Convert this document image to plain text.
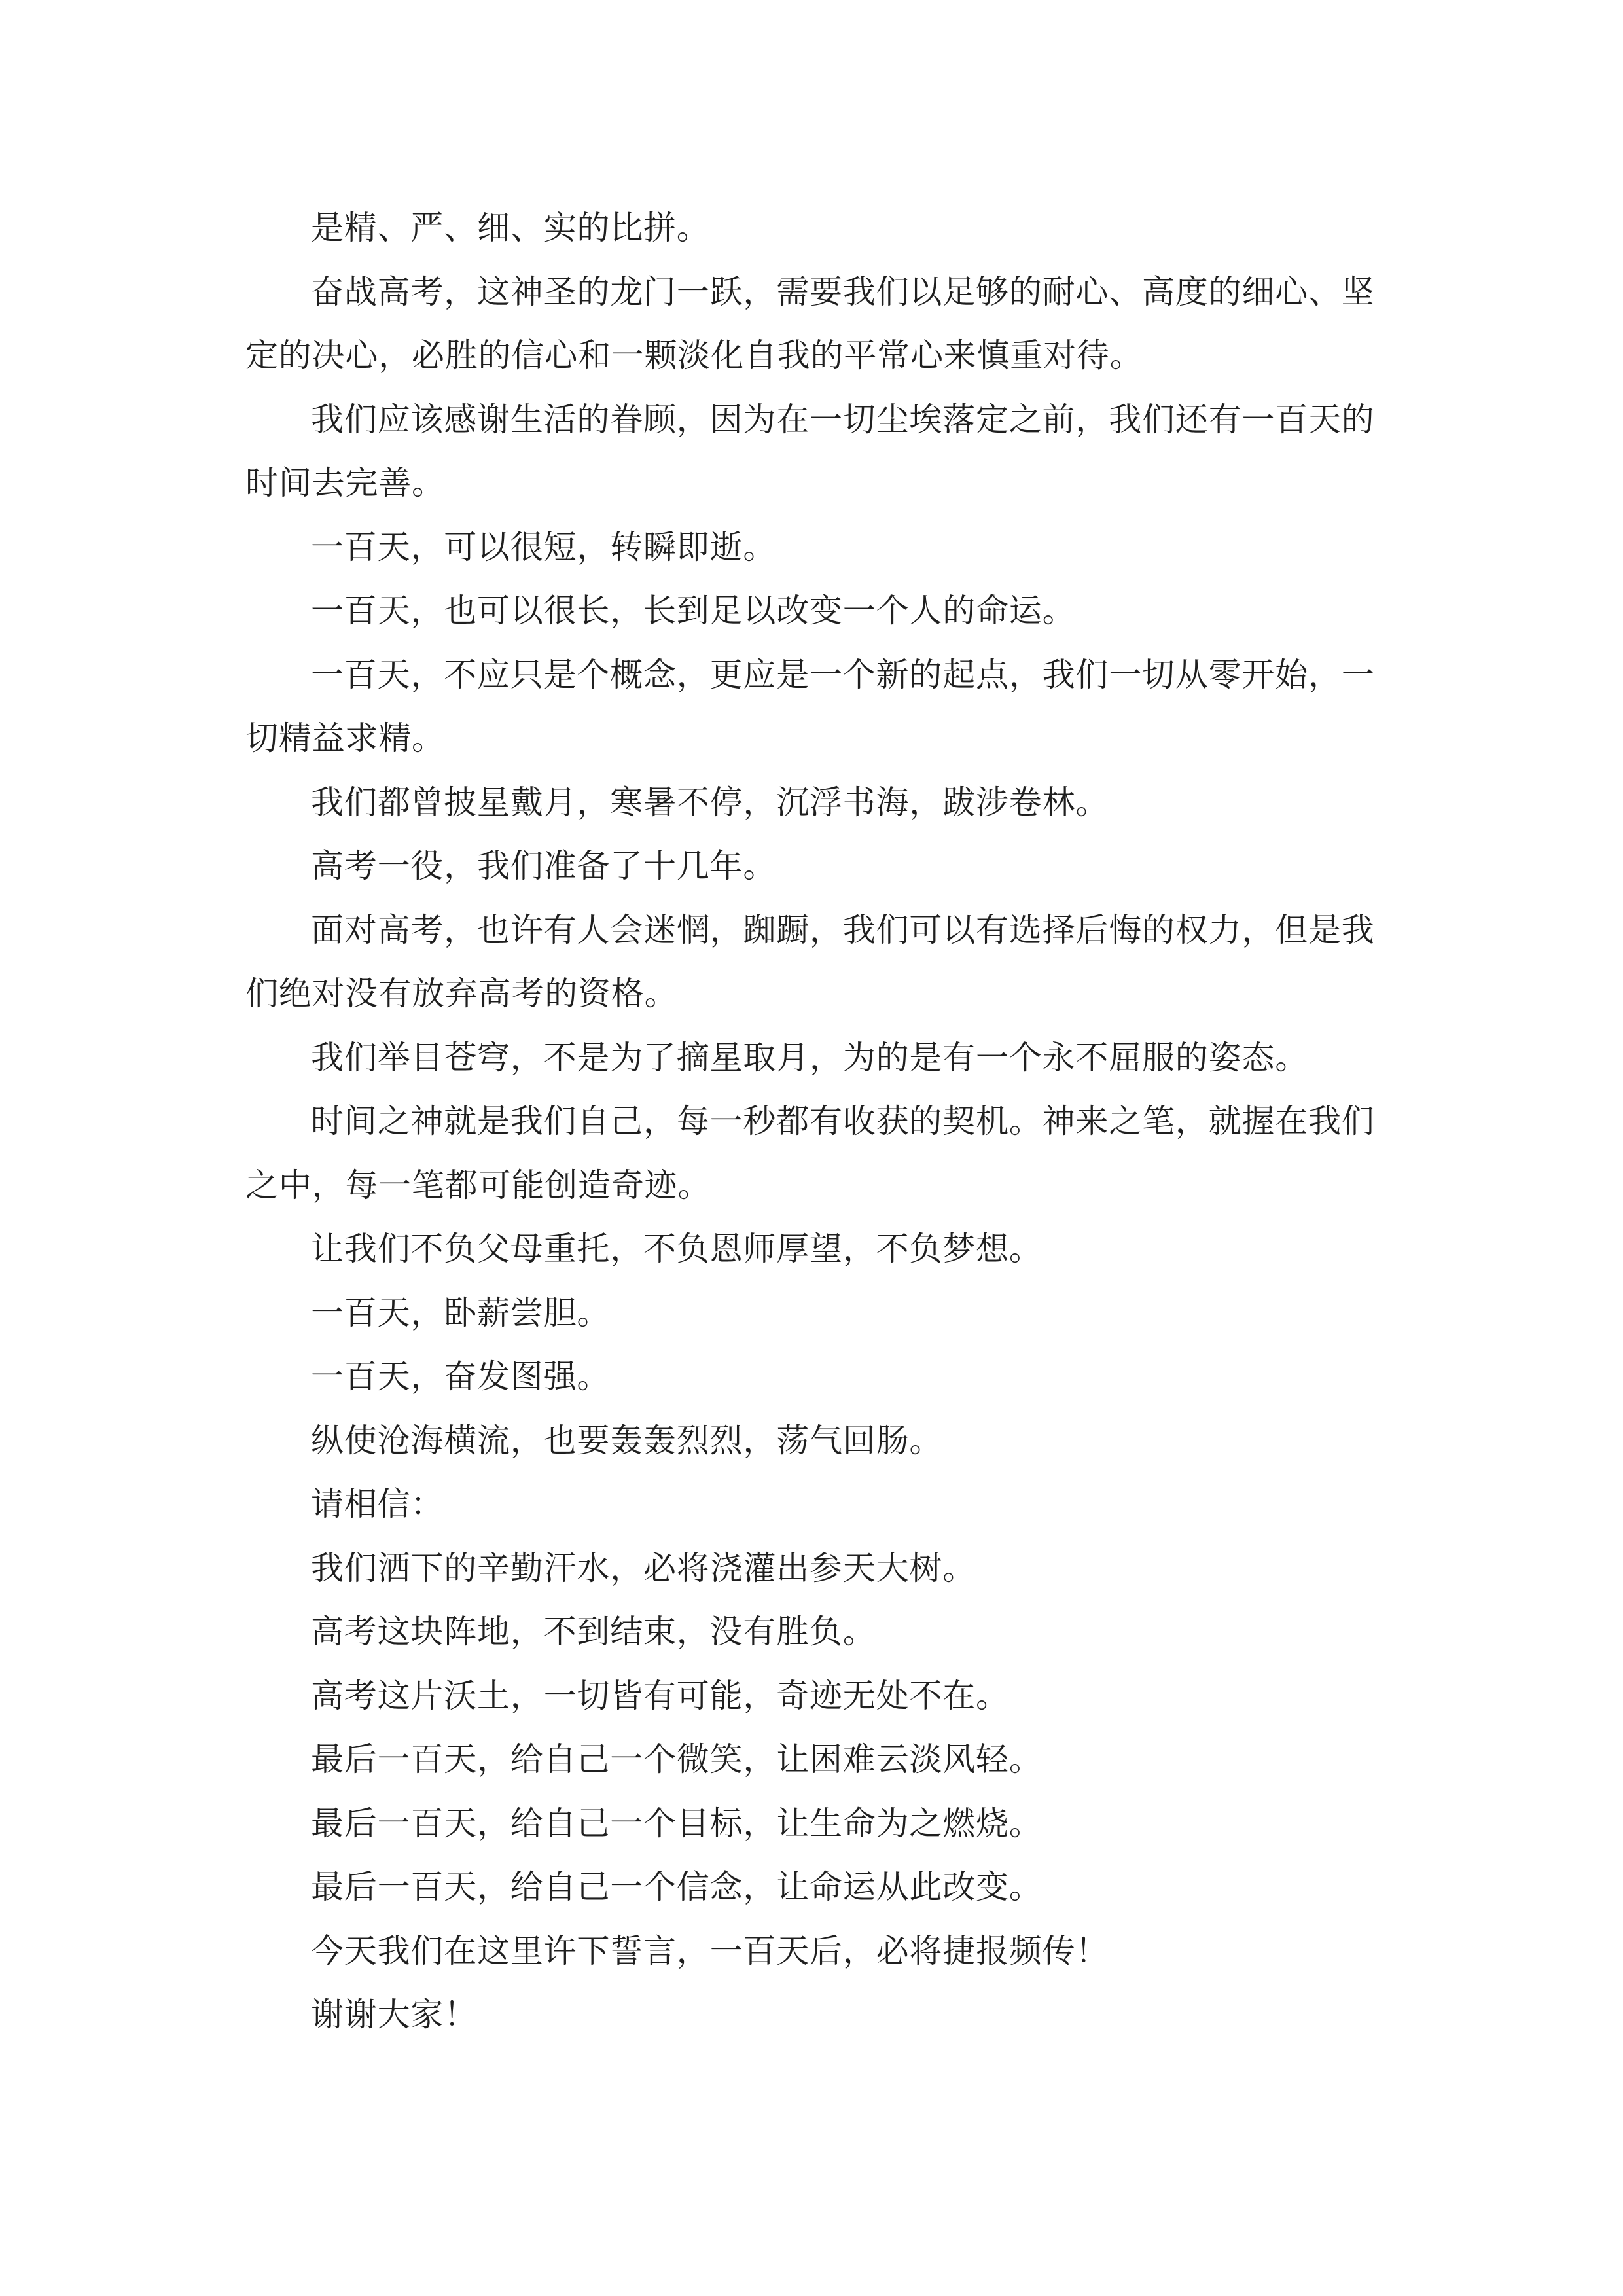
是精、严、细、实的比拼。

奋战高考，这神圣的龙门一跃，需要我们以足够的耐心、高度的细心、坚定的决心，必胜的信心和一颗淡化自我的平常心来慎重对待。

我们应该感谢生活的眷顾，因为在一切尘埃落定之前，我们还有一百天的时间去完善。

一百天，可以很短，转瞬即逝。

一百天，也可以很长，长到足以改变一个人的命运。

一百天，不应只是个概念，更应是一个新的起点，我们一切从零开始，一切精益求精。

我们都曾披星戴月，寒暑不停，沉浮书海，跋涉卷林。

高考一役，我们准备了十几年。

面对高考，也许有人会迷惘，踟蹰，我们可以有选择后悔的权力，但是我们绝对没有放弃高考的资格。

我们举目苍穹，不是为了摘星取月，为的是有一个永不屈服的姿态。

时间之神就是我们自己，每一秒都有收获的契机。神来之笔，就握在我们之中，每一笔都可能创造奇迹。

让我们不负父母重托，不负恩师厚望，不负梦想。

一百天，卧薪尝胆。

一百天，奋发图强。

纵使沧海横流，也要轰轰烈烈，荡气回肠。

请相信：

我们洒下的辛勤汗水，必将浇灌出参天大树。

高考这块阵地，不到结束，没有胜负。

高考这片沃土，一切皆有可能，奇迹无处不在。

最后一百天，给自己一个微笑，让困难云淡风轻。

最后一百天，给自己一个目标，让生命为之燃烧。

最后一百天，给自己一个信念，让命运从此改变。

今天我们在这里许下誓言，一百天后，必将捷报频传！

谢谢大家！
